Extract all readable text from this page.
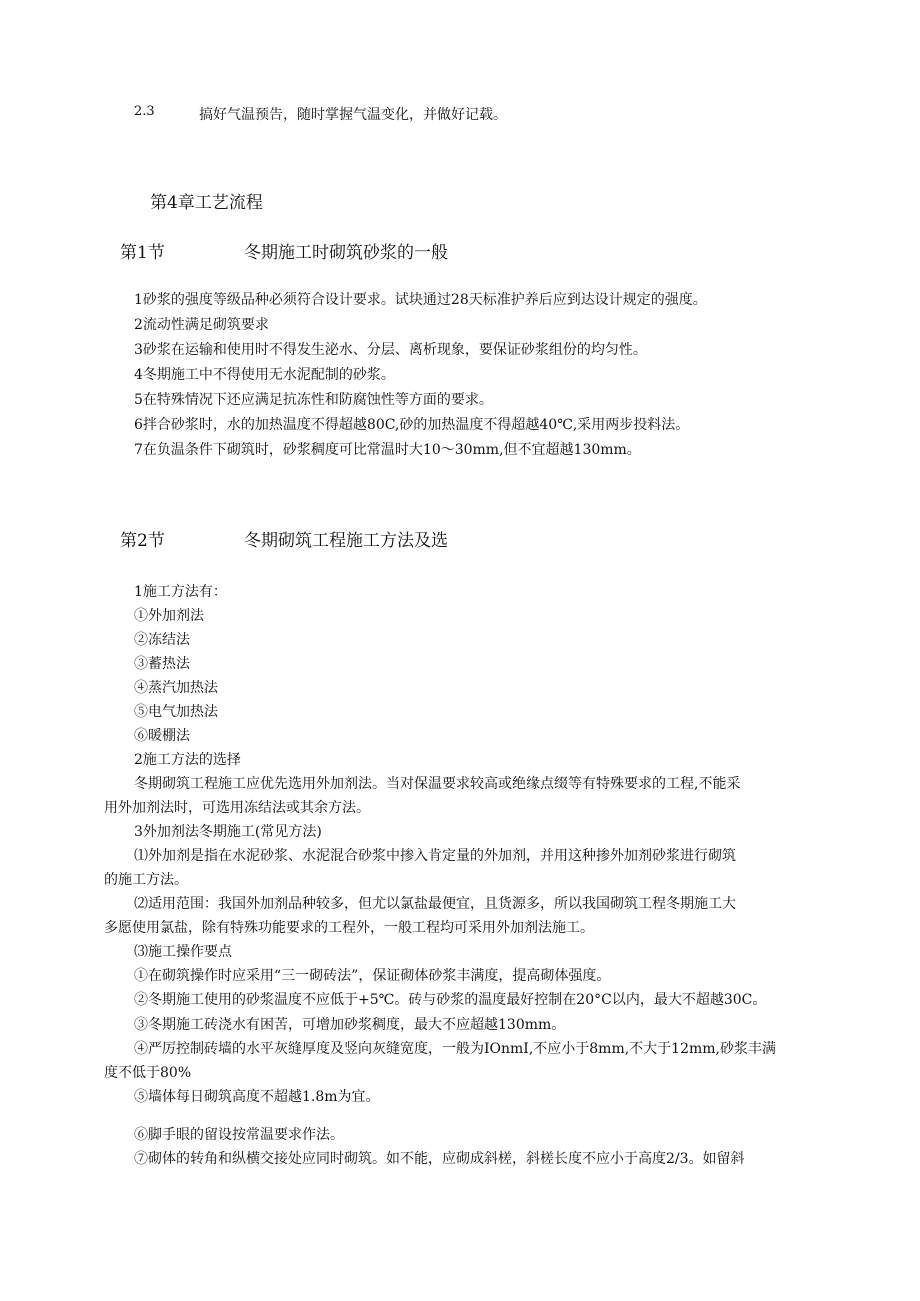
2.3	搞好气温预告，随时掌握气温变化，并做好记载。
第4章工艺流程
第1节	冬期施工时砌筑砂浆的一般
1砂浆的强度等级品种必须符合设计要求。试块通过28天标准护养后应到达设计规定的强度。
2流动性满足砌筑要求
3砂浆在运输和使用时不得发生泌水、分层、离析现象，要保证砂浆组份的均匀性。
4冬期施工中不得使用无水泥配制的砂浆。
5在特殊情况下还应满足抗冻性和防腐蚀性等方面的要求。
6拌合砂浆时，水的加热温度不得超越80C,砂的加热温度不得超越40℃,采用两步投料法。
7在负温条件下砌筑时，砂浆稠度可比常温时大10～30mm,但不宜超越130mm。
第2节	冬期砌筑工程施工方法及选
1施工方法有：
①外加剂法
②冻结法
③蓄热法
④蒸汽加热法
⑤电气加热法
⑥暖棚法
2施工方法的选择
冬期砌筑工程施工应优先选用外加剂法。当对保温要求较高或绝缘点缀等有特殊要求的工程,不能采
用外加剂法时，可选用冻结法或其余方法。
3外加剂法冬期施工(常见方法)
⑴外加剂是指在水泥砂浆、水泥混合砂浆中掺入肯定量的外加剂，并用这种掺外加剂砂浆进行砌筑
的施工方法。
⑵适用范围：我国外加剂品种较多，但尤以氯盐最便宜，且货源多，所以我国砌筑工程冬期施工大
多愿使用氯盐，除有特殊功能要求的工程外，一般工程均可采用外加剂法施工。
⑶施工操作要点
①在砌筑操作时应采用“三一砌砖法”，保证砌体砂浆丰满度，提高砌体强度。
②冬期施工使用的砂浆温度不应低于+5℃。砖与砂浆的温度最好控制在20°C以内，最大不超越30C。
③冬期施工砖浇水有困苦，可增加砂浆稠度，最大不应超越130mm。
④严厉控制砖墙的水平灰缝厚度及竖向灰缝宽度，一般为IOnmI,不应小于8mm,不大于12mm,砂浆丰满
度不低于80%
⑤墙体每日砌筑高度不超越1.8m为宜。
⑥脚手眼的留设按常温要求作法。
⑦砌体的转角和纵横交接处应同时砌筑。如不能，应砌成斜槎，斜槎长度不应小于高度2/3。如留斜
